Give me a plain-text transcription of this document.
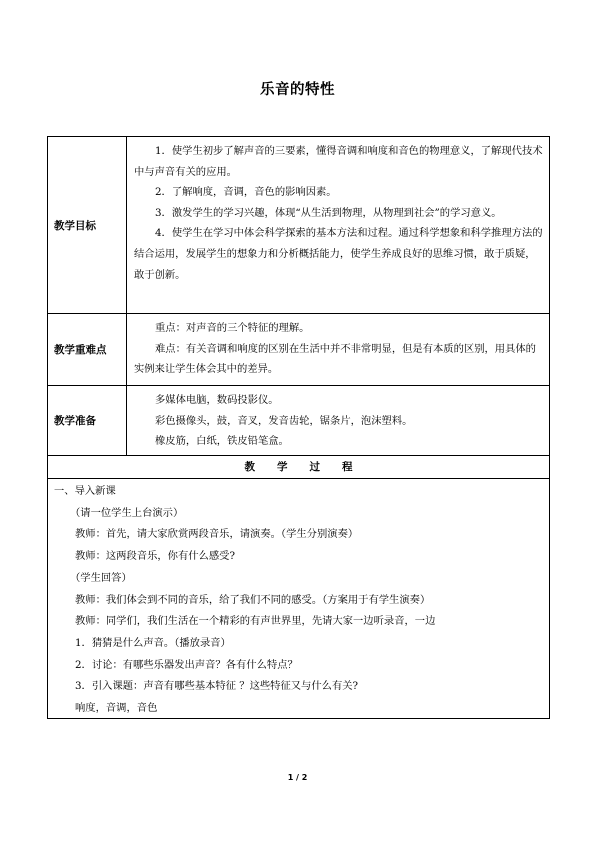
乐音的特性
教学目标
1．使学生初步了解声音的三要素，懂得音调和响度和音色的物理意义，了解现代技术中与声音有关的应用。
2．了解响度，音调，音色的影响因素。
3．激发学生的学习兴趣，体现“从生活到物理，从物理到社会”的学习意义。
4．使学生在学习中体会科学探索的基本方法和过程。通过科学想象和科学推理方法的结合运用，发展学生的想象力和分析概括能力，使学生养成良好的思维习惯，敢于质疑，敢于创新。
教学重难点
重点：对声音的三个特征的理解。
难点：有关音调和响度的区别在生活中并不非常明显，但是有本质的区别，用具体的实例来让学生体会其中的差异。
教学准备
多媒体电脑，数码投影仪。
彩色摄像头，鼓，音叉，发音齿轮，锯条片，泡沫塑料。
橡皮筋，白纸，铁皮铅笔盒。
教 学 过 程
一、导入新课
（请一位学生上台演示）
教师：首先，请大家欣赏两段音乐，请演奏。（学生分别演奏）
教师：这两段音乐，你有什么感受?
（学生回答）
教师：我们体会到不同的音乐，给了我们不同的感受。（方案用于有学生演奏）
教师：同学们，我们生活在一个精彩的有声世界里，先请大家一边听录音，一边
1．猜猜是什么声音。（播放录音）
2．讨论：有哪些乐器发出声音？各有什么特点？
3．引入课题：声音有哪些基本特征 ？这些特征又与什么有关?
响度，音调，音色
1 / 2
